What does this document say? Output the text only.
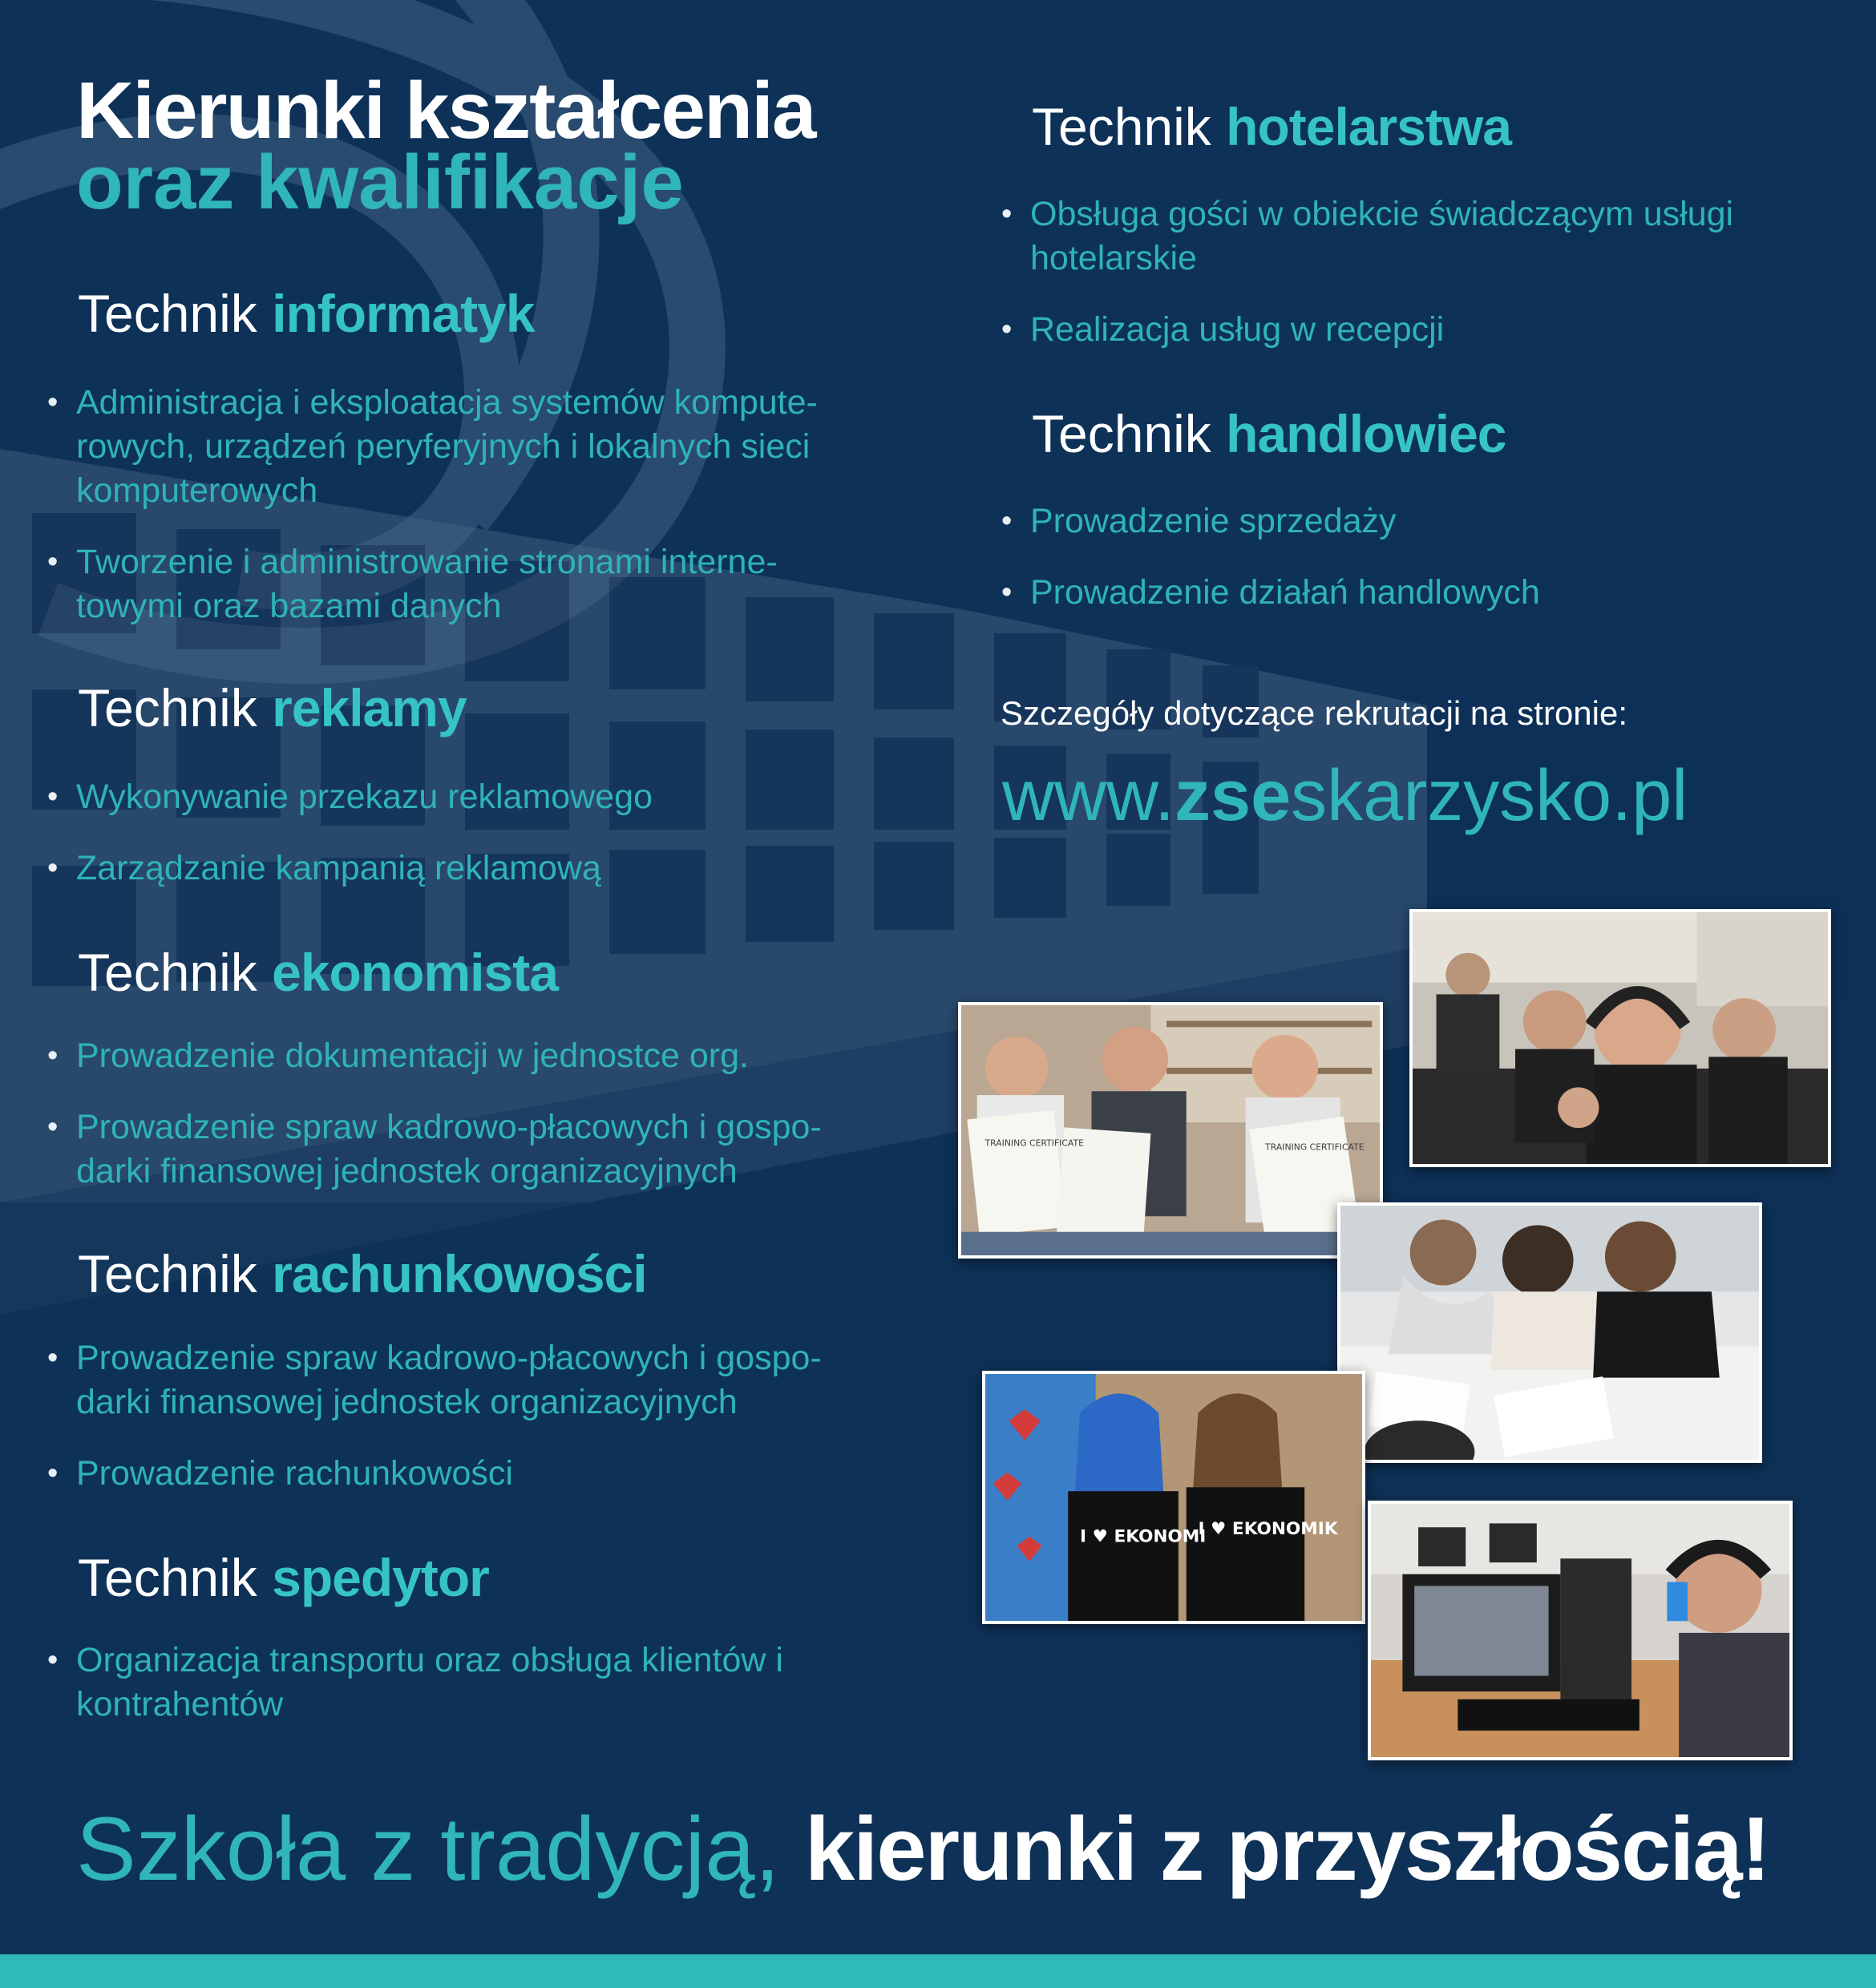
Kierunki kształcenia
oraz kwalifikacje
Technik informatyk
• Administracja i eksploatacja systemów kompute-rowych, urządzeń peryferyjnych i lokalnych sieci komputerowych
• Tworzenie i administrowanie stronami interne-towymi oraz bazami danych
Technik reklamy
• Wykonywanie przekazu reklamowego
• Zarządzanie kampanią reklamową
Technik ekonomista
• Prowadzenie dokumentacji w jednostce org.
• Prowadzenie spraw kadrowo-płacowych i gospo-darki finansowej jednostek organizacyjnych
Technik rachunkowości
• Prowadzenie spraw kadrowo-płacowych i gospo-darki finansowej jednostek organizacyjnych
• Prowadzenie rachunkowości
Technik spedytor
• Organizacja transportu oraz obsługa klientów i kontrahentów
Technik hotelarstwa
• Obsługa gości w obiekcie świadczącym usługi hotelarskie
• Realizacja usług w recepcji
Technik handlowiec
• Prowadzenie sprzedaży
• Prowadzenie działań handlowych
Szczegóły dotyczące rekrutacji na stronie:
www.zseskarzysko.pl
TRAINING CERTIFICATE	TRAINING CERTIFICATE
I ♥ EKONOMI
I ♥ EKONOMIK
Szkoła z tradycją, kierunki z przyszłością!
